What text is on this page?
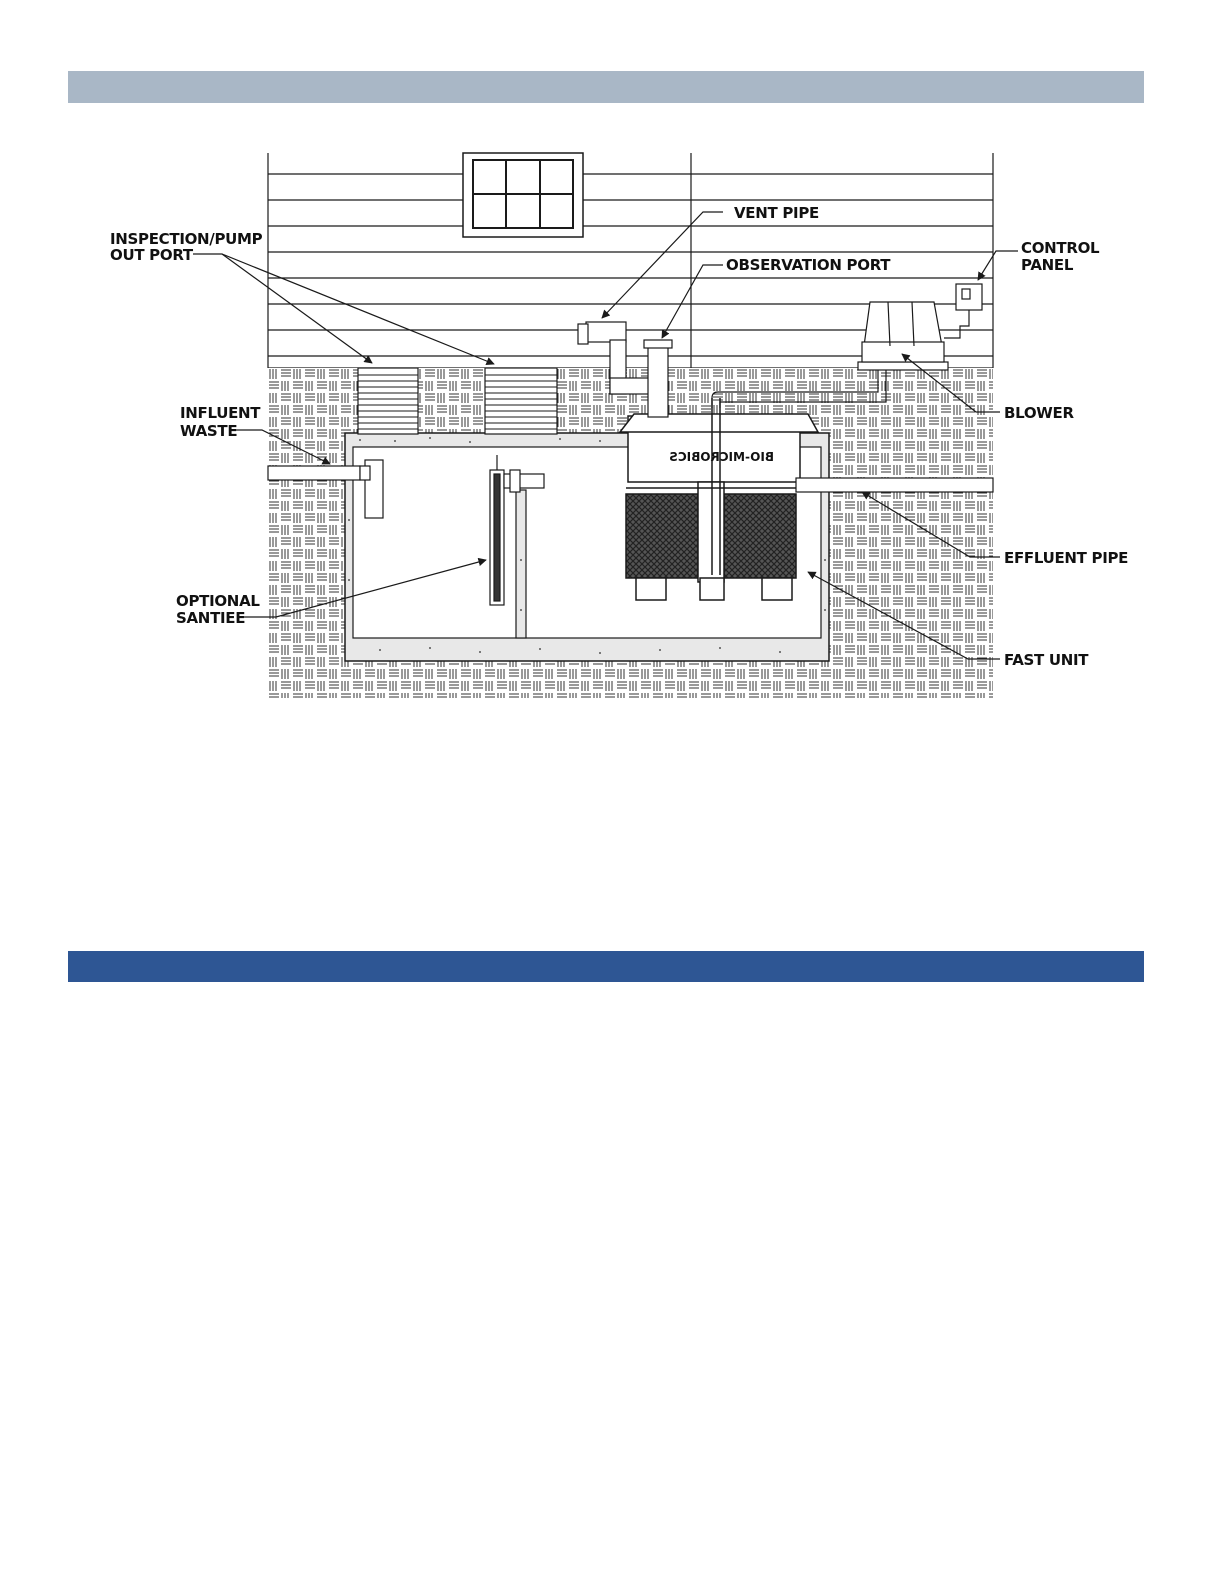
BIO-MICROBICS
INSPECTION/PUMP
OUT PORT
VENT PIPE
OBSERVATION PORT
CONTROL
PANEL
BLOWER
INFLUENT
WASTE
EFFLUENT PIPE
OPTIONAL
SANTIEE
FAST UNIT
